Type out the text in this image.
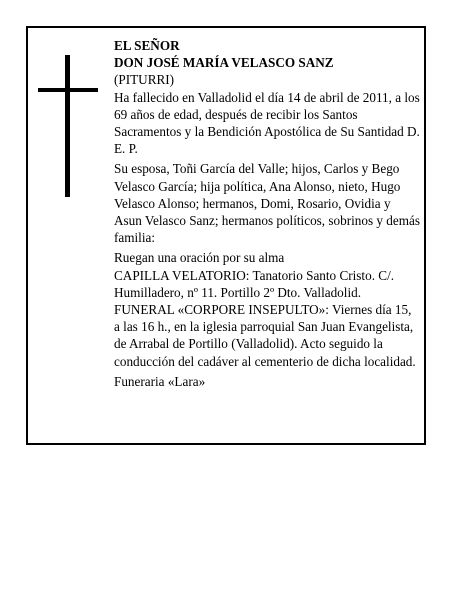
EL SEÑOR

DON JOSÉ MARÍA VELASCO SANZ

(PITURRI)

Ha fallecido en Valladolid el día 14 de abril de 2011, a los 69 años de edad, después de recibir los Santos Sacramentos y la Bendición Apostólica de Su Santidad D. E. P.

Su esposa, Toñi García del Valle; hijos, Carlos y Bego Velasco García; hija política, Ana Alonso, nieto, Hugo Velasco Alonso; hermanos, Domi, Rosario, Ovidia y Asun Velasco Sanz; hermanos políticos, sobrinos y demás familia:

Ruegan una oración por su alma

CAPILLA VELATORIO: Tanatorio Santo Cristo. C/. Humilladero, nº 11. Portillo 2º Dto. Valladolid.

FUNERAL «CORPORE INSEPULTO»: Viernes día 15, a las 16 h., en la iglesia parroquial San Juan Evangelista, de Arrabal de Portillo (Valladolid). Acto seguido la conducción del cadáver al cementerio de dicha localidad.

Funeraria «Lara»
